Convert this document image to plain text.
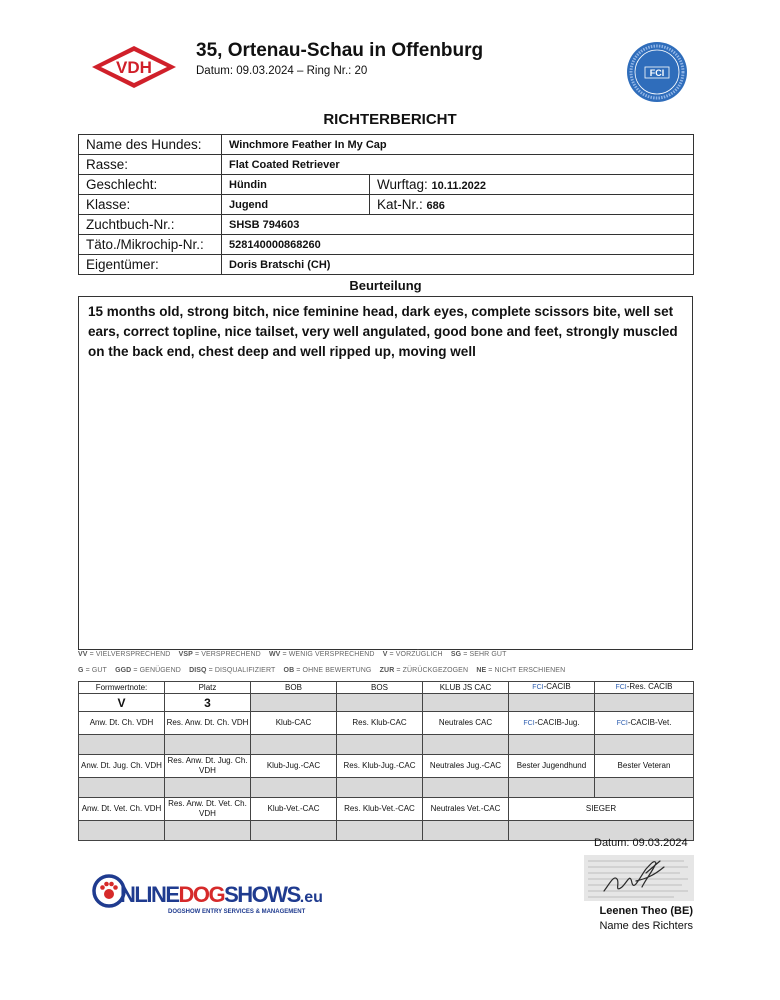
VDH
35, Ortenau-Schau in Offenburg
Datum: 09.03.2024 – Ring Nr.: 20	FCI
RICHTERBERICHT
Name des Hundes:	Winchmore Feather In My Cap	
Rasse:	Flat Coated Retriever	
Geschlecht:	Hündin	Wurftag: 10.11.2022
Klasse:	Jugend	Kat-Nr.: 686
Zuchtbuch-Nr.:	SHSB 794603	
Täto./Mikrochip-Nr.:	528140000868260	
Eigentümer:	Doris Bratschi (CH)	
Beurteilung
15 months old, strong bitch, nice feminine head, dark eyes, complete scissors bite, well set ears, correct topline, nice tailset, very well angulated, good bone and feet, strongly muscled on the back end, chest deep and well ripped up, moving well
VV = VIELVERSPRECHEND VSP = VERSPRECHEND WV = WENIG VERSPRECHEND V = VORZÜGLICH SG = SEHR GUT
G = GUT GGD = GENÜGEND DISQ = DISQUALIFIZIERT OB = OHNE BEWERTUNG ZUR = ZÜRÜCKGEZOGEN NE = NICHT ERSCHIENEN
Formwertnote:	Platz	BOB	BOS	KLUB JS CAC	FCI-CACIB	FCI-Res. CACIB
V	3					
Anw. Dt. Ch. VDH	Res. Anw. Dt. Ch. VDH	Klub-CAC	Res. Klub-CAC	Neutrales CAC	FCI-CACIB-Jug.	FCI-CACIB-Vet.

Anw. Dt. Jug. Ch. VDH	Res. Anw. Dt. Jug. Ch. VDH	Klub-Jug.-CAC	Res. Klub-Jug.-CAC	Neutrales Jug.-CAC	Bester Jugendhund	Bester Veteran

Anw. Dt. Vet. Ch. VDH	Res. Anw. Dt. Vet. Ch. VDH	Klub-Vet.-CAC	Res. Klub-Vet.-CAC	Neutrales Vet.-CAC	SIEGER	

Datum: 09.03.2024
Leenen Theo (BE)
Name des Richters
NLINEDOGSHOWS.eu
DOGSHOW ENTRY SERVICES & MANAGEMENT
